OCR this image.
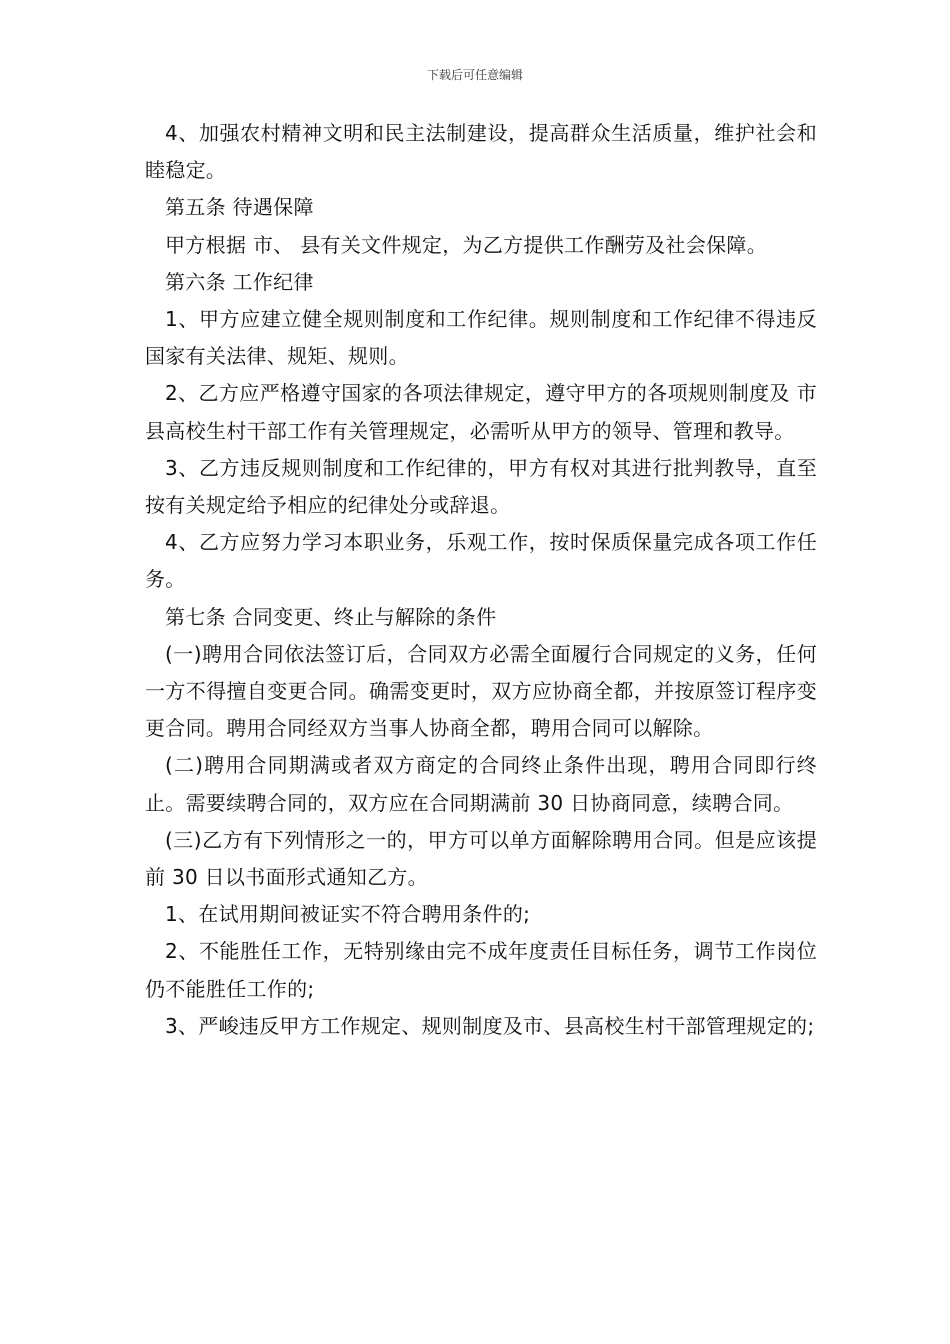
下载后可任意编辑

4、加强农村精神文明和民主法制建设，提高群众生活质量，维护社会和睦稳定。

第五条 待遇保障

甲方根据 市、 县有关文件规定，为乙方提供工作酬劳及社会保障。

第六条 工作纪律

1、甲方应建立健全规则制度和工作纪律。规则制度和工作纪律不得违反国家有关法律、规矩、规则。

2、乙方应严格遵守国家的各项法律规定，遵守甲方的各项规则制度及 市 县高校生村干部工作有关管理规定，必需听从甲方的领导、管理和教导。

3、乙方违反规则制度和工作纪律的，甲方有权对其进行批判教导，直至按有关规定给予相应的纪律处分或辞退。

4、乙方应努力学习本职业务，乐观工作，按时保质保量完成各项工作任务。

第七条 合同变更、终止与解除的条件

(一)聘用合同依法签订后，合同双方必需全面履行合同规定的义务，任何一方不得擅自变更合同。确需变更时，双方应协商全都，并按原签订程序变更合同。聘用合同经双方当事人协商全都，聘用合同可以解除。

(二)聘用合同期满或者双方商定的合同终止条件出现，聘用合同即行终止。需要续聘合同的，双方应在合同期满前 30 日协商同意，续聘合同。

(三)乙方有下列情形之一的，甲方可以单方面解除聘用合同。但是应该提前 30 日以书面形式通知乙方。

1、在试用期间被证实不符合聘用条件的;

2、不能胜任工作，无特别缘由完不成年度责任目标任务，调节工作岗位仍不能胜任工作的;

3、严峻违反甲方工作规定、规则制度及市、县高校生村干部管理规定的;
